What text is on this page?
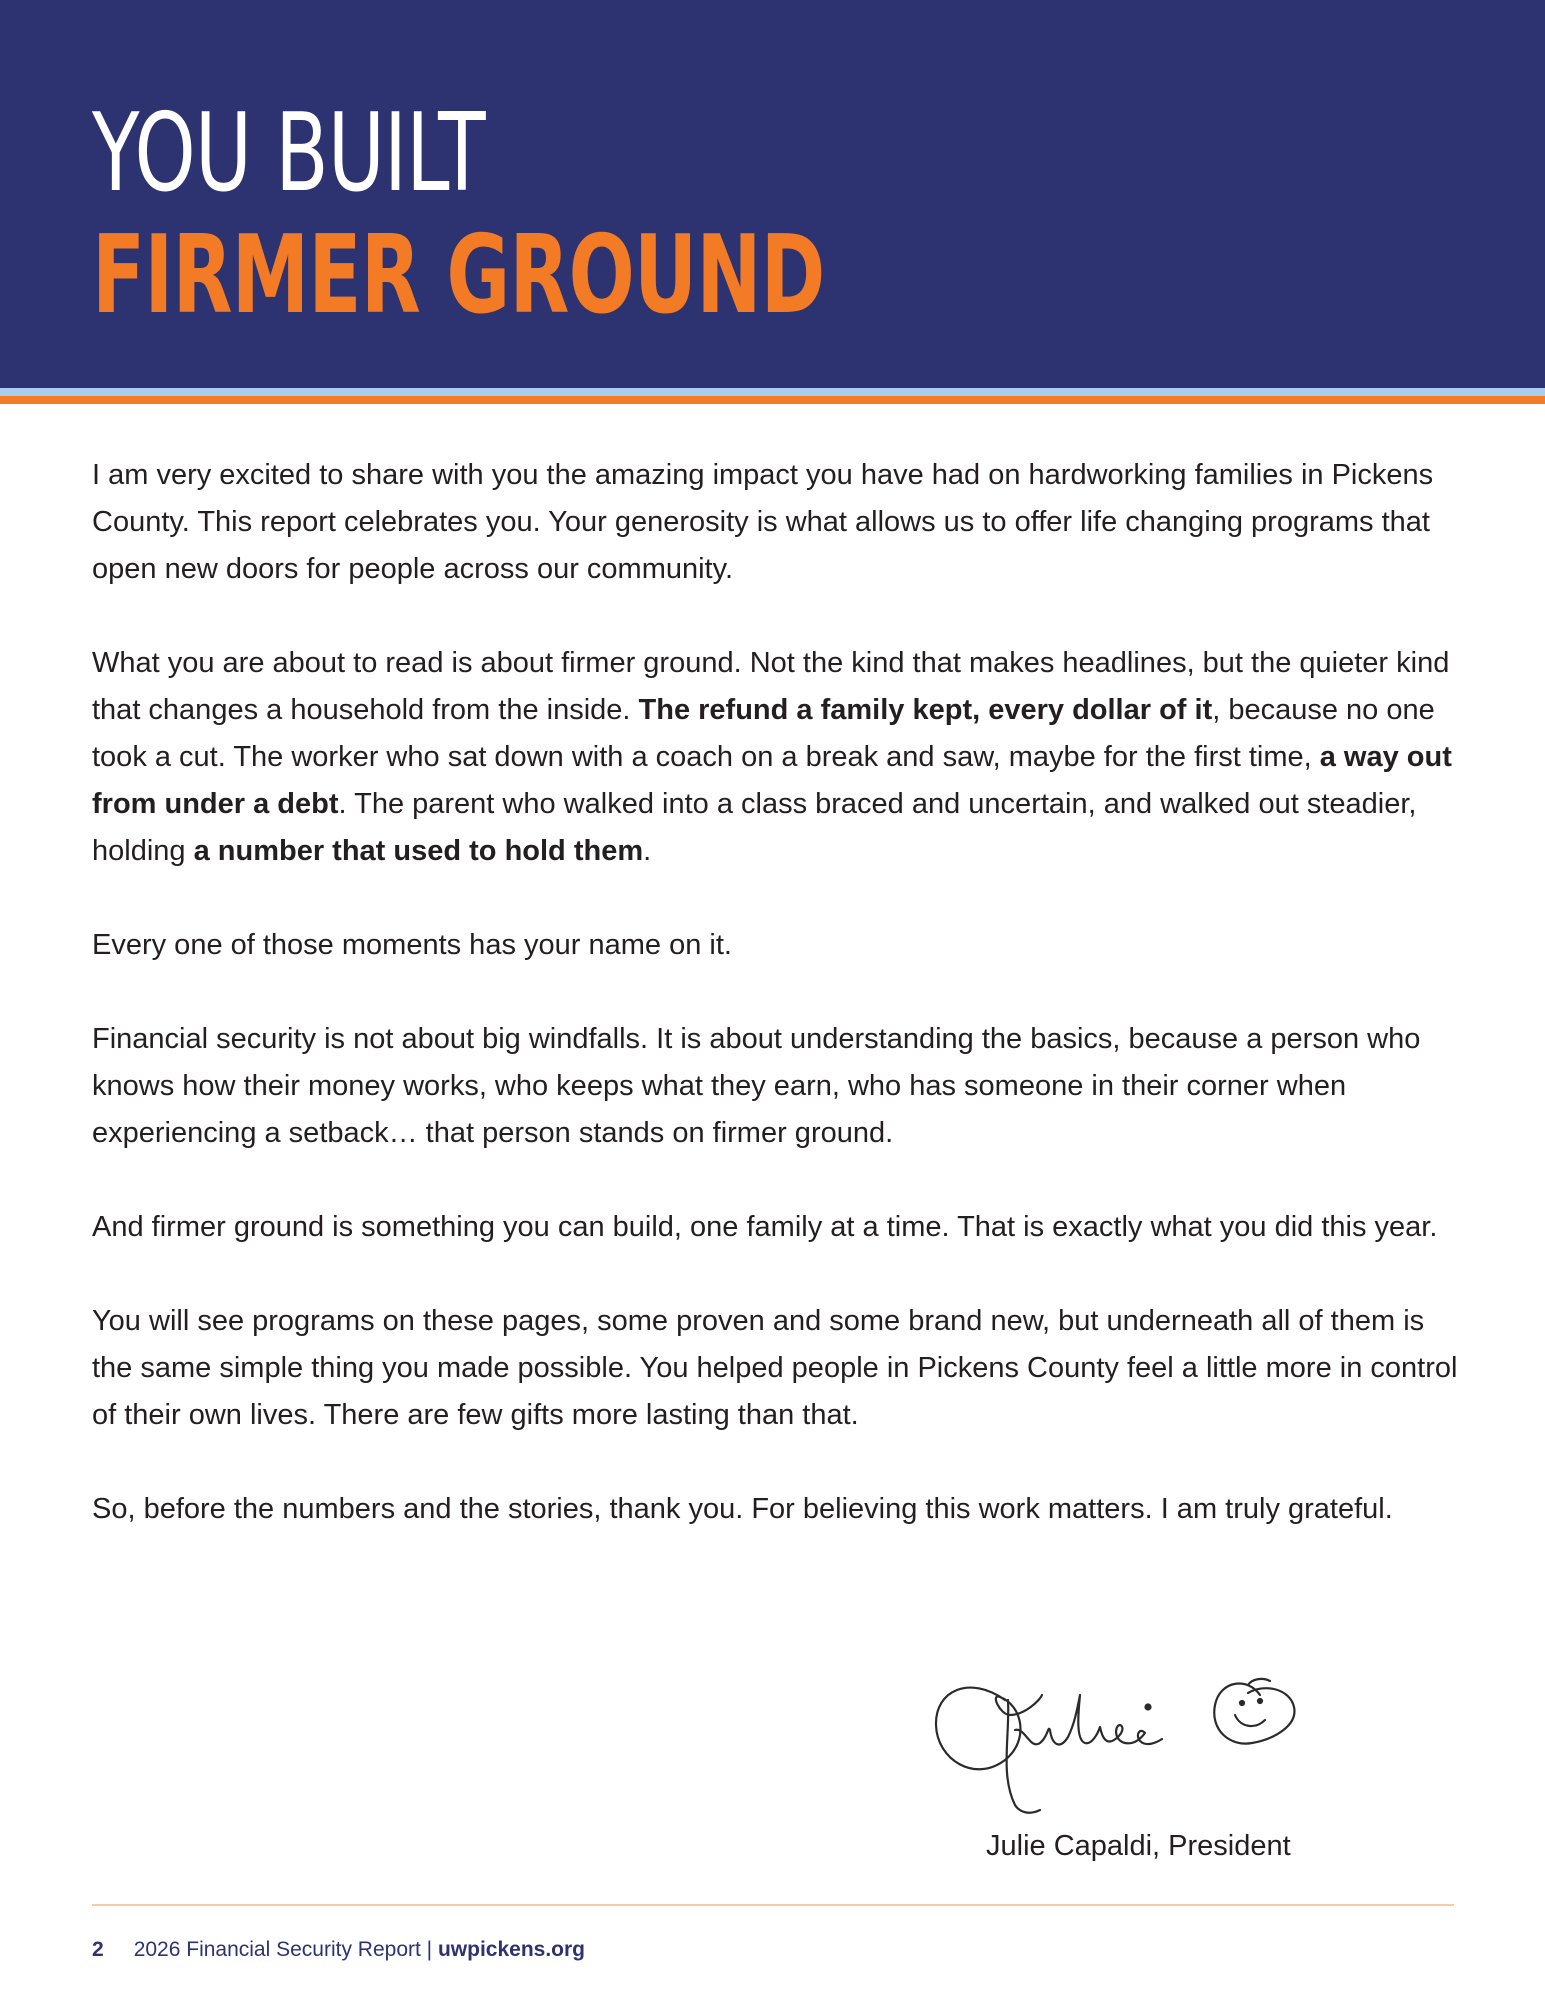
YOU BUILT
FIRMER GROUND

I am very excited to share with you the amazing impact you have had on hardworking families in Pickens County. This report celebrates you. Your generosity is what allows us to offer life changing programs that open new doors for people across our community.

What you are about to read is about firmer ground. Not the kind that makes headlines, but the quieter kind that changes a household from the inside. The refund a family kept, every dollar of it, because no one took a cut. The worker who sat down with a coach on a break and saw, maybe for the first time, a way out from under a debt. The parent who walked into a class braced and uncertain, and walked out steadier, holding a number that used to hold them.

Every one of those moments has your name on it.

Financial security is not about big windfalls. It is about understanding the basics, because a person who knows how their money works, who keeps what they earn, who has someone in their corner when experiencing a setback… that person stands on firmer ground.

And firmer ground is something you can build, one family at a time. That is exactly what you did this year.

You will see programs on these pages, some proven and some brand new, but underneath all of them is the same simple thing you made possible. You helped people in Pickens County feel a little more in control of their own lives. There are few gifts more lasting than that.

So, before the numbers and the stories, thank you. For believing this work matters. I am truly grateful.

Julie Capaldi, President
2 2026 Financial Security Report | uwpickens.org
